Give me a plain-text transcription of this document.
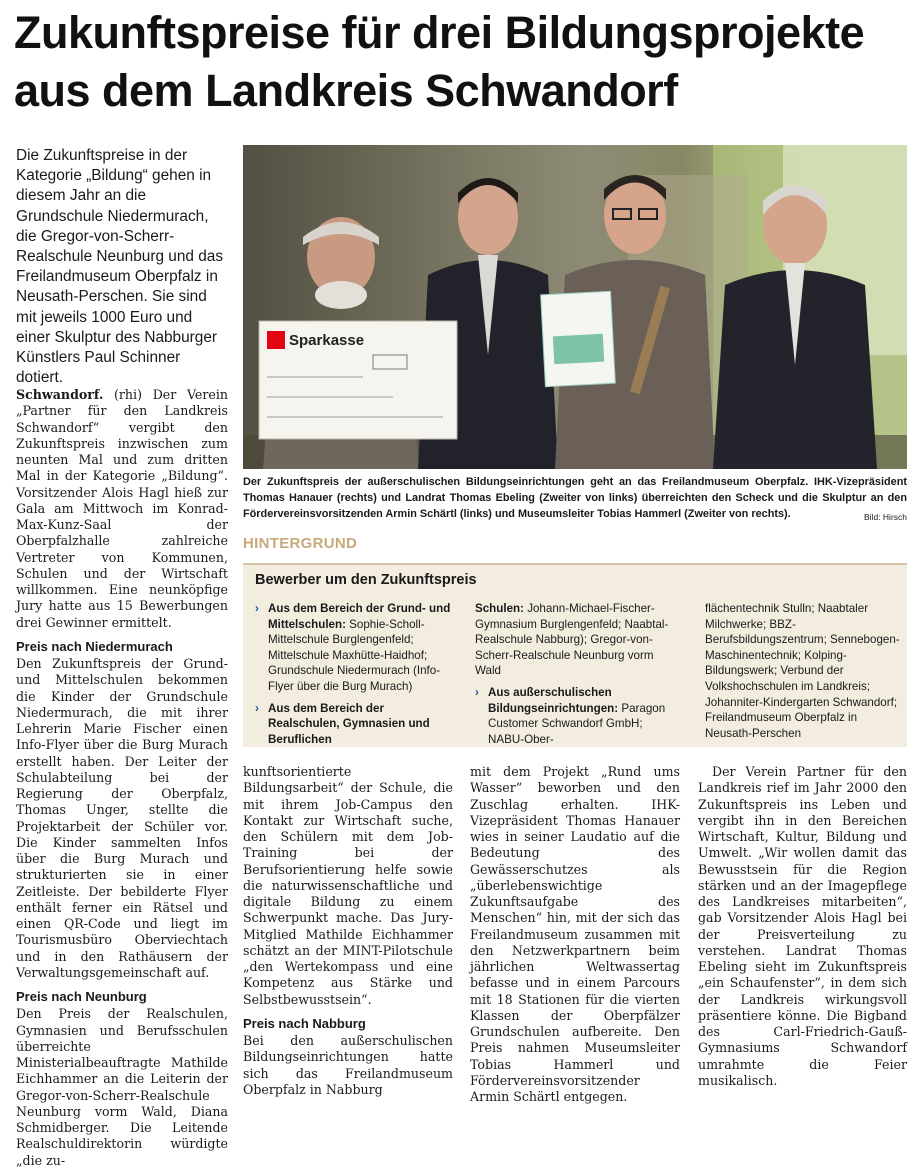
Zukunftspreise für drei Bildungsprojekte
aus dem Landkreis Schwandorf
Die Zukunftspreise in der Kategorie „Bildung“ gehen in diesem Jahr an die Grundschule Niedermurach, die Gregor-von-Scherr-Realschule Neunburg und das Freilandmuseum Oberpfalz in Neusath-Perschen. Sie sind mit jeweils 1000 Euro und einer Skulptur des Nabburger Künstlers Paul Schinner dotiert.

Schwandorf. (rhi) Der Verein „Partner für den Landkreis Schwandorf“ vergibt den Zukunftspreis inzwischen zum neunten Mal und zum dritten Mal in der Kategorie „Bildung“. Vorsitzender Alois Hagl hieß zur Gala am Mittwoch im Konrad-Max-Kunz-Saal der Oberpfalzhalle zahlreiche Vertreter von Kommunen, Schulen und der Wirtschaft willkommen. Eine neunköpfige Jury hatte aus 15 Bewerbungen drei Gewinner ermittelt.

Preis nach Niedermurach

Den Zukunftspreis der Grund- und Mittelschulen bekommen die Kinder der Grundschule Niedermurach, die mit ihrer Lehrerin Marie Fischer einen Info-Flyer über die Burg Murach erstellt haben. Der Leiter der Schulabteilung bei der Regierung der Oberpfalz, Thomas Unger, stellte die Projektarbeit der Schüler vor. Die Kinder sammelten Infos über die Burg Murach und strukturierten sie in einer Zeitleiste. Der bebilderte Flyer enthält ferner ein Rätsel und einen QR-Code und liegt im Tourismusbüro Oberviechtach und in den Rathäusern der Verwaltungsgemeinschaft auf.

Preis nach Neunburg

Den Preis der Realschulen, Gymnasien und Berufsschulen überreichte Ministerialbeauftragte Mathilde Eichhammer an die Leiterin der Gregor-von-Scherr-Realschule Neunburg vorm Wald, Diana Schmidberger. Die Leitende Realschuldirektorin würdigte „die zu-

Sparkasse
Der Zukunftspreis der außerschulischen Bildungseinrichtungen geht an das Freilandmuseum Oberpfalz. IHK-Vizepräsident Thomas Hanauer (rechts) und Landrat Thomas Ebeling (Zweiter von links) überreichten den Scheck und die Skulptur an den Fördervereinsvorsitzenden Armin Schärtl (links) und Museumsleiter Tobias Hammerl (Zweiter von rechts).	Bild: Hirsch
HINTERGRUND
Bewerber um den Zukunftspreis
› Aus dem Bereich der Grund- und Mittelschulen: Sophie-Scholl-Mittelschule Burglengenfeld; Mittelschule Maxhütte-Haidhof; Grundschule Niedermurach (Info-Flyer über die Burg Murach)
› Aus dem Bereich der Realschulen, Gymnasien und Beruflichen
Schulen: Johann-Michael-Fischer-Gymnasium Burglengenfeld; Naabtal-Realschule Nabburg); Gregor-von-Scherr-Realschule Neunburg vorm Wald
› Aus außerschulischen Bildungseinrichtungen: Paragon Customer Schwandorf GmbH; NABU-Ober-
flächentechnik Stulln; Naabtaler Milchwerke; BBZ-Berufsbildungszentrum; Sennebogen-Maschinentechnik; Kolping-Bildungswerk; Verbund der Volkshochschulen im Landkreis; Johanniter-Kindergarten Schwandorf; Freilandmuseum Oberpfalz in Neusath-Perschen

kunftsorientierte Bildungsarbeit“ der Schule, die mit ihrem Job-Campus den Kontakt zur Wirtschaft suche, den Schülern mit dem Job-Training bei der Berufsorientierung helfe sowie die naturwissenschaftliche und digitale Bildung zu einem Schwerpunkt mache. Das Jury-Mitglied Mathilde Eichhammer schätzt an der MINT-Pilotschule „den Wertekompass und eine Kompetenz aus Stärke und Selbstbewusstsein“.

Preis nach Nabburg

Bei den außerschulischen Bildungseinrichtungen hatte sich das Freilandmuseum Oberpfalz in Nabburg

mit dem Projekt „Rund ums Wasser“ beworben und den Zuschlag erhalten. IHK-Vizepräsident Thomas Hanauer wies in seiner Laudatio auf die Bedeutung des Gewässerschutzes als „überlebenswichtige Zukunftsaufgabe des Menschen“ hin, mit der sich das Freilandmuseum zusammen mit den Netzwerkpartnern beim jährlichen Weltwassertag befasse und in einem Parcours mit 18 Stationen für die vierten Klassen der Oberpfälzer Grundschulen aufbereite. Den Preis nahmen Museumsleiter Tobias Hammerl und Fördervereinsvorsitzender Armin Schärtl entgegen.

Der Verein Partner für den Landkreis rief im Jahr 2000 den Zukunftspreis ins Leben und vergibt ihn in den Bereichen Wirtschaft, Kultur, Bildung und Umwelt. „Wir wollen damit das Bewusstsein für die Region stärken und an der Imagepflege des Landkreises mitarbeiten“, gab Vorsitzender Alois Hagl bei der Preisverteilung zu verstehen. Landrat Thomas Ebeling sieht im Zukunftspreis „ein Schaufenster“, in dem sich der Landkreis wirkungsvoll präsentiere könne. Die Bigband des Carl-Friedrich-Gauß-Gymnasiums Schwandorf umrahmte die Feier musikalisch.
